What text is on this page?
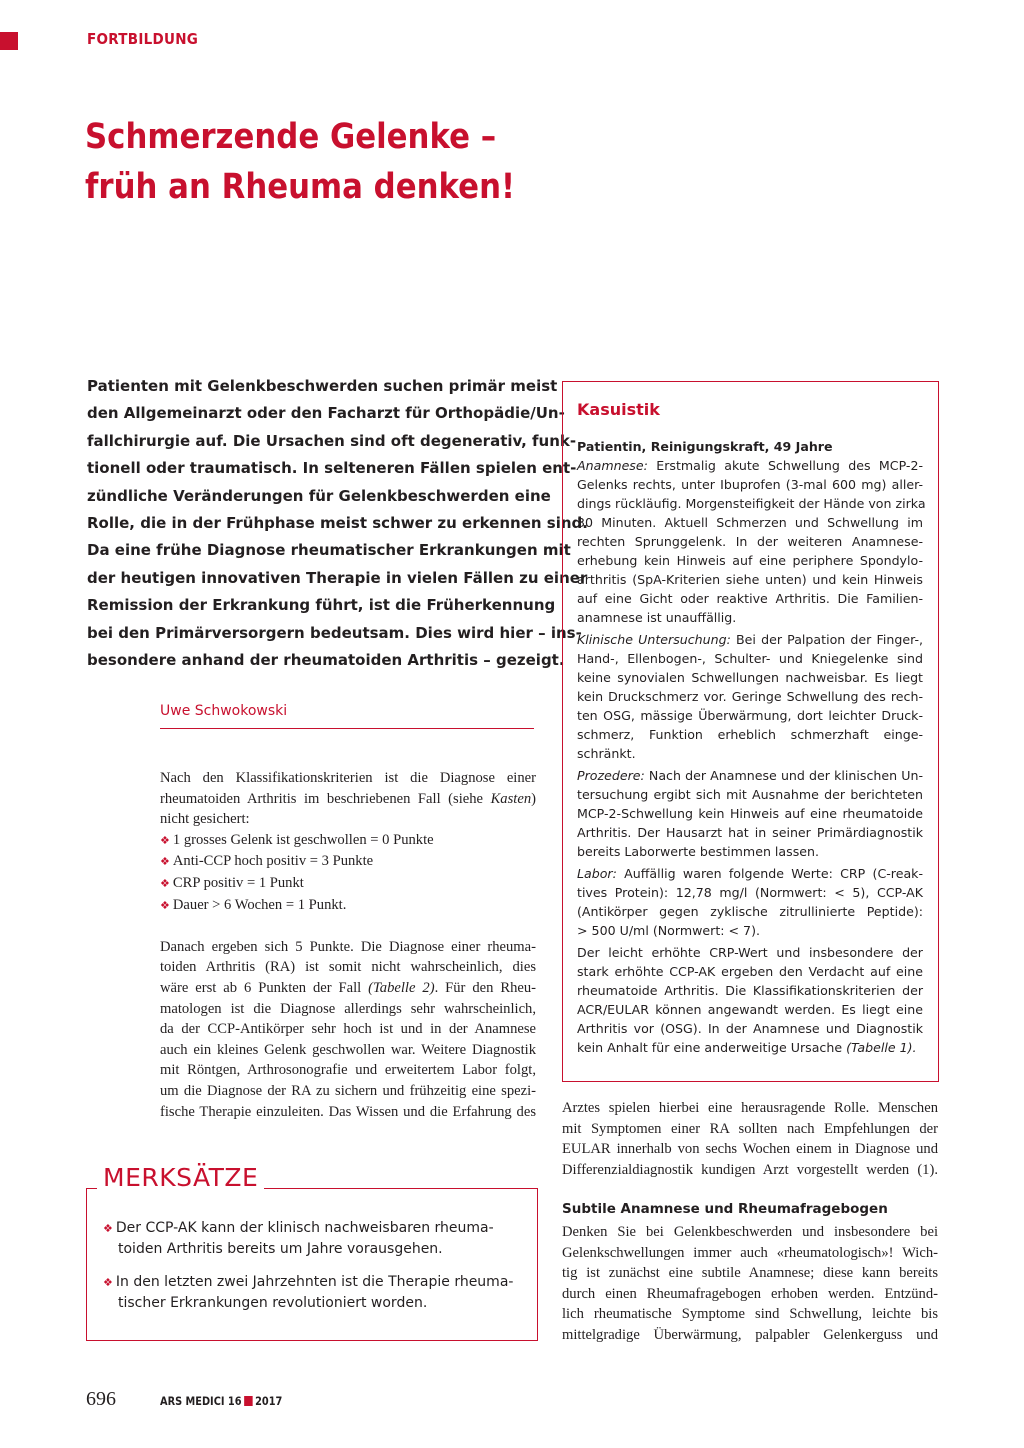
FORTBILDUNG
Schmerzende Gelenke –
früh an Rheuma denken!
Patienten mit Gelenkbeschwerden suchen primär meist
den Allgemeinarzt oder den Facharzt für Orthopädie/Un-
fallchirurgie auf. Die Ursachen sind oft degenerativ, funk-
tionell oder traumatisch. In selteneren Fällen spielen ent-
zündliche Veränderungen für Gelenkbeschwerden eine
Rolle, die in der Frühphase meist schwer zu erkennen sind.
Da eine frühe Diagnose rheumatischer Erkrankungen mit
der heutigen innovativen Therapie in vielen Fällen zu einer
Remission der Erkrankung führt, ist die Früherkennung
bei den Primärversorgern bedeutsam. Dies wird hier – ins-
besondere anhand der rheumatoiden Arthritis – gezeigt.
Uwe Schwokowski
Nach den Klassifikationskriterien ist die Diagnose einer
rheumatoiden Arthritis im beschriebenen Fall (siehe Kasten)
nicht gesichert:
❖ 1 grosses Gelenk ist geschwollen = 0 Punkte
❖ Anti-CCP hoch positiv = 3 Punkte
❖ CRP positiv = 1 Punkt
❖ Dauer > 6 Wochen = 1 Punkt.
Danach ergeben sich 5 Punkte. Die Diagnose einer rheuma-
toiden Arthritis (RA) ist somit nicht wahrscheinlich, dies
wäre erst ab 6 Punkten der Fall (Tabelle 2). Für den Rheu-
matologen ist die Diagnose allerdings sehr wahrscheinlich,
da der CCP-Antikörper sehr hoch ist und in der Anamnese
auch ein kleines Gelenk geschwollen war. Weitere Diagnostik
mit Röntgen, Arthrosonografie und erweitertem Labor folgt,
um die Diagnose der RA zu sichern und frühzeitig eine spezi-
fische Therapie einzuleiten. Das Wissen und die Erfahrung des
MERKSÄTZE
❖ Der CCP-AK kann der klinisch nachweisbaren rheuma-
toiden Arthritis bereits um Jahre vorausgehen.
❖ In den letzten zwei Jahrzehnten ist die Therapie rheuma-
tischer Erkrankungen revolutioniert worden.
Kasuistik
Patientin, Reinigungskraft, 49 Jahre
Anamnese: Erstmalig akute Schwellung des MCP-2-
Gelenks rechts, unter Ibuprofen (3-mal 600 mg) aller-
dings rückläufig. Morgensteifigkeit der Hände von zirka
30 Minuten. Aktuell Schmerzen und Schwellung im
rechten Sprunggelenk. In der weiteren Anamnese-
erhebung kein Hinweis auf eine periphere Spondylo-
arthritis (SpA-Kriterien siehe unten) und kein Hinweis
auf eine Gicht oder reaktive Arthritis. Die Familien-
anamnese ist unauffällig.
Klinische Untersuchung: Bei der Palpation der Finger-,
Hand-, Ellenbogen-, Schulter- und Kniegelenke sind
keine synovialen Schwellungen nachweisbar. Es liegt
kein Druckschmerz vor. Geringe Schwellung des rech-
ten OSG, mässige Überwärmung, dort leichter Druck-
schmerz, Funktion erheblich schmerzhaft einge-
schränkt.
Prozedere: Nach der Anamnese und der klinischen Un-
tersuchung ergibt sich mit Ausnahme der berichteten
MCP-2-Schwellung kein Hinweis auf eine rheumatoide
Arthritis. Der Hausarzt hat in seiner Primärdiagnostik
bereits Laborwerte bestimmen lassen.
Labor: Auffällig waren folgende Werte: CRP (C-reak-
tives Protein): 12,78 mg/l (Normwert: < 5), CCP-AK
(Antikörper gegen zyklische zitrullinierte Peptide):
> 500 U/ml (Normwert: < 7).
Der leicht erhöhte CRP-Wert und insbesondere der
stark erhöhte CCP-AK ergeben den Verdacht auf eine
rheumatoide Arthritis. Die Klassifikationskriterien der
ACR/EULAR können angewandt werden. Es liegt eine
Arthritis vor (OSG). In der Anamnese und Diagnostik
kein Anhalt für eine anderweitige Ursache (Tabelle 1).
Arztes spielen hierbei eine herausragende Rolle. Menschen
mit Symptomen einer RA sollten nach Empfehlungen der
EULAR innerhalb von sechs Wochen einem in Diagnose und
Differenzialdiagnostik kundigen Arzt vorgestellt werden (1).
Subtile Anamnese und Rheumafragebogen
Denken Sie bei Gelenkbeschwerden und insbesondere bei
Gelenkschwellungen immer auch «rheumatologisch»! Wich-
tig ist zunächst eine subtile Anamnese; diese kann bereits
durch einen Rheumafragebogen erhoben werden. Entzünd-
lich rheumatische Symptome sind Schwellung, leichte bis
mittelgradige Überwärmung, palpabler Gelenkerguss und
696	ARS MEDICI 16 2017
